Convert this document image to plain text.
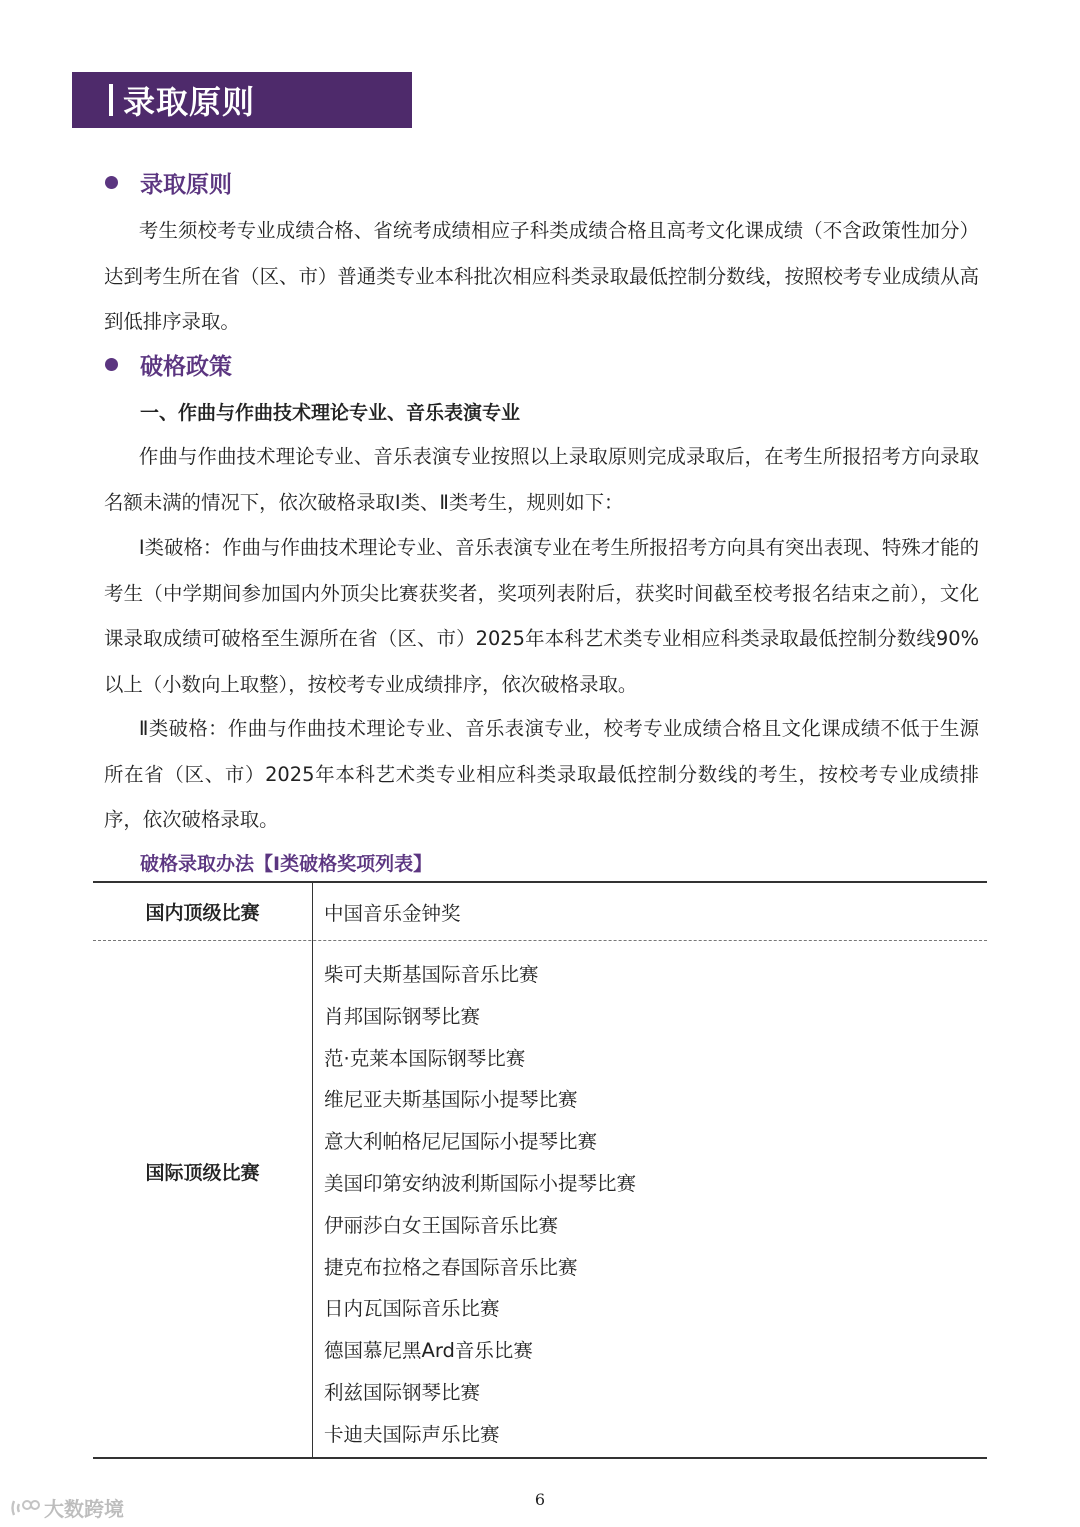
录取原则
录取原则

考生须校考专业成绩合格、省统考成绩相应子科类成绩合格且高考文化课成绩（不含政策性加分）达到考生所在省（区、市）普通类专业本科批次相应科类录取最低控制分数线，按照校考专业成绩从高到低排序录取。

破格政策
一、作曲与作曲技术理论专业、音乐表演专业

作曲与作曲技术理论专业、音乐表演专业按照以上录取原则完成录取后，在考生所报招考方向录取名额未满的情况下，依次破格录取Ⅰ类、Ⅱ类考生，规则如下：

Ⅰ类破格：作曲与作曲技术理论专业、音乐表演专业在考生所报招考方向具有突出表现、特殊才能的考生（中学期间参加国内外顶尖比赛获奖者，奖项列表附后，获奖时间截至校考报名结束之前），文化课录取成绩可破格至生源所在省（区、市）2025年本科艺术类专业相应科类录取最低控制分数线90%以上（小数向上取整），按校考专业成绩排序，依次破格录取。

Ⅱ类破格：作曲与作曲技术理论专业、音乐表演专业，校考专业成绩合格且文化课成绩不低于生源所在省（区、市）2025年本科艺术类专业相应科类录取最低控制分数线的考生，按校考专业成绩排序，依次破格录取。

破格录取办法【Ⅰ类破格奖项列表】
国内顶级比赛	中国音乐金钟奖
国际顶级比赛
柴可夫斯基国际音乐比赛
肖邦国际钢琴比赛
范·克莱本国际钢琴比赛
维尼亚夫斯基国际小提琴比赛
意大利帕格尼尼国际小提琴比赛
美国印第安纳波利斯国际小提琴比赛
伊丽莎白女王国际音乐比赛
捷克布拉格之春国际音乐比赛
日内瓦国际音乐比赛
德国慕尼黑Ard音乐比赛
利兹国际钢琴比赛
卡迪夫国际声乐比赛
6
大数跨境
